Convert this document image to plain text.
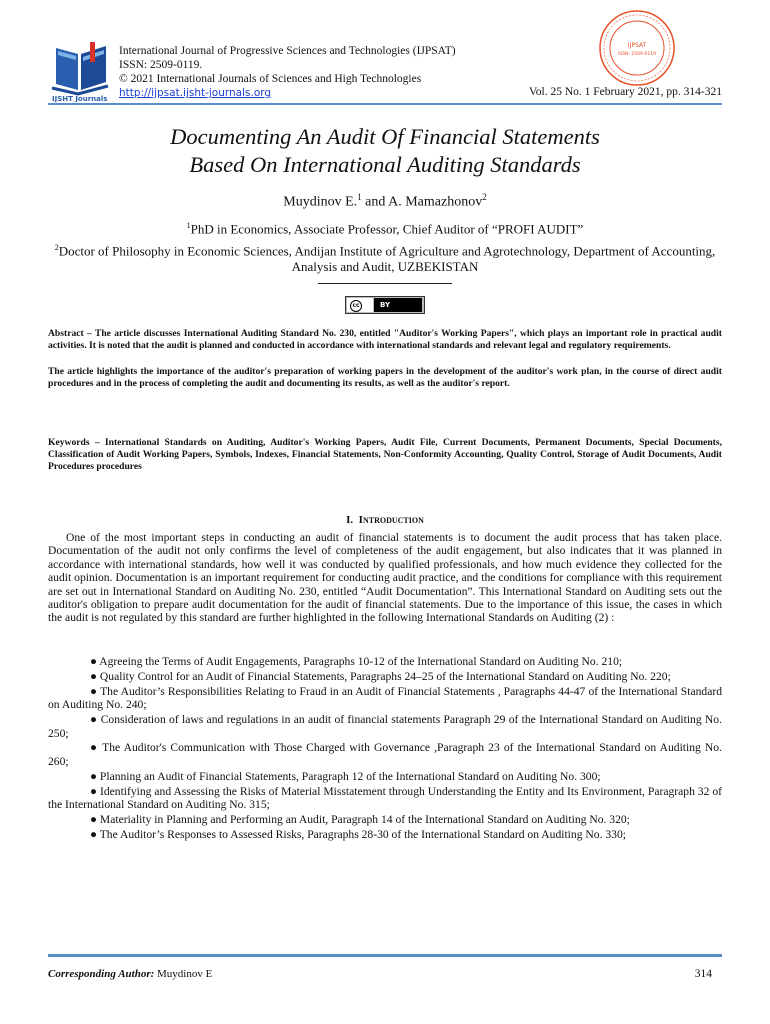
IJSHT Journals
International Journal of Progressive Sciences and Technologies (IJPSAT)
ISSN: 2509-0119.
© 2021 International Journals of Sciences and High Technologies
http://ijpsat.ijsht-journals.org	Vol. 25 No. 1 February 2021, pp. 314-321
IJPSAT
ISSN: 2509-0119
Documenting An Audit Of Financial Statements
Based On International Auditing Standards
Muydinov E.$^1$ and A. Mamazhonov$^2$
$^1$PhD in Economics, Associate Professor, Chief Auditor of “PROFI AUDIT”
$^2$Doctor of Philosophy in Economic Sciences, Andijan Institute of Agriculture and Agrotechnology, Department of Accounting, Analysis and Audit, UZBEKISTAN
cc	BY
Abstract – The article discusses International Auditing Standard No. 230, entitled "Auditor's Working Papers", which plays an important role in practical audit activities. It is noted that the audit is planned and conducted in accordance with international standards and relevant legal and regulatory requirements.
The article highlights the importance of the auditor's preparation of working papers in the development of the auditor's work plan, in the course of direct audit procedures and in the process of completing the audit and documenting its results, as well as the auditor's report.
Keywords – International Standards on Auditing, Auditor's Working Papers, Audit File, Current Documents, Permanent Documents, Special Documents, Classification of Audit Working Papers, Symbols, Indexes, Financial Statements, Non-Conformity Accounting, Quality Control, Storage of Audit Documents, Audit Procedures procedures
I. Introduction

One of the most important steps in conducting an audit of financial statements is to document the audit process that has taken place. Documentation of the audit not only confirms the level of completeness of the audit engagement, but also indicates that it was planned in accordance with international standards, how well it was conducted by qualified professionals, and how much evidence they collected for the audit opinion. Documentation is an important requirement for conducting audit practice, and the conditions for compliance with this requirement are set out in International Standard on Auditing No. 230, entitled “Audit Documentation”. This International Standard on Auditing sets out the auditor's obligation to prepare audit documentation for the audit of financial statements. Due to the importance of this issue, the cases in which the audit is not regulated by this standard are further highlighted in the following International Standards on Auditing (2) :

● Agreeing the Terms of Audit Engagements, Paragraphs 10-12 of the International Standard on Auditing No. 210;

● Quality Control for an Audit of Financial Statements, Paragraphs 24–25 of the International Standard on Auditing No. 220;

● The Auditor’s Responsibilities Relating to Fraud in an Audit of Financial Statements , Paragraphs 44-47 of the International Standard on Auditing No. 240;

● Consideration of laws and regulations in an audit of financial statements Paragraph 29 of the International Standard on Auditing No. 250;

● The Auditor's Communication with Those Charged with Governance ,Paragraph 23 of the International Standard on Auditing No. 260;

● Planning an Audit of Financial Statements, Paragraph 12 of the International Standard on Auditing No. 300;

● Identifying and Assessing the Risks of Material Misstatement through Understanding the Entity and Its Environment, Paragraph 32 of the International Standard on Auditing No. 315;

● Materiality in Planning and Performing an Audit, Paragraph 14 of the International Standard on Auditing No. 320;

● The Auditor’s Responses to Assessed Risks, Paragraphs 28-30 of the International Standard on Auditing No. 330;

Corresponding Author: Muydinov E	314
